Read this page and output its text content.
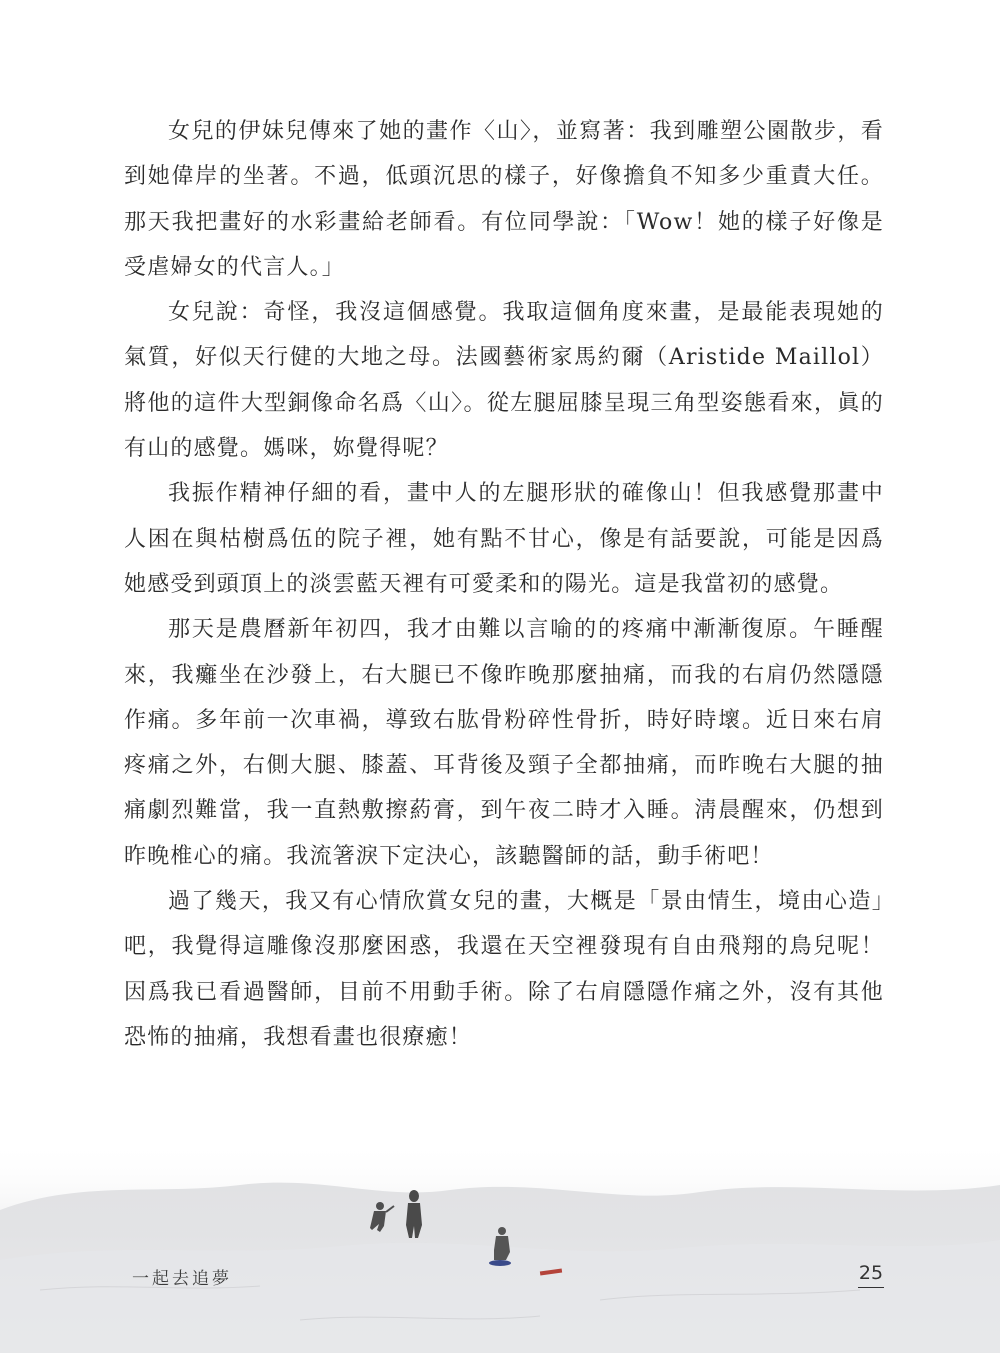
女兒的伊妹兒傳來了她的畫作〈山〉，並寫著：我到雕塑公園散步，看到她偉岸的坐著。不過，低頭沉思的樣子，好像擔負不知多少重責大任。那天我把畫好的水彩畫給老師看。有位同學說：「Wow！她的樣子好像是受虐婦女的代言人。」

女兒說：奇怪，我沒這個感覺。我取這個角度來畫，是最能表現她的氣質，好似天行健的大地之母。法國藝術家馬約爾（Aristide Maillol）將他的這件大型銅像命名爲〈山〉。從左腿屈膝呈現三角型姿態看來，眞的有山的感覺。媽咪，妳覺得呢？

我振作精神仔細的看，畫中人的左腿形狀的確像山！但我感覺那畫中人困在與枯樹爲伍的院子裡，她有點不甘心，像是有話要說，可能是因爲她感受到頭頂上的淡雲藍天裡有可愛柔和的陽光。這是我當初的感覺。

那天是農曆新年初四，我才由難以言喻的的疼痛中漸漸復原。午睡醒來，我癱坐在沙發上，右大腿已不像昨晚那麼抽痛，而我的右肩仍然隱隱作痛。多年前一次車禍，導致右肱骨粉碎性骨折，時好時壞。近日來右肩疼痛之外，右側大腿、膝蓋、耳背後及頸子全都抽痛，而昨晚右大腿的抽痛劇烈難當，我一直熱敷擦葯膏，到午夜二時才入睡。淸晨醒來，仍想到昨晚椎心的痛。我流箸淚下定決心，該聽醫師的話，動手術吧！

過了幾天，我又有心情欣賞女兒的畫，大概是「景由情生，境由心造」吧，我覺得這雕像沒那麼困惑，我還在天空裡發現有自由飛翔的鳥兒呢！因爲我已看過醫師，目前不用動手術。除了右肩隱隱作痛之外，沒有其他恐怖的抽痛，我想看畫也很療癒！

一起去追夢	25
